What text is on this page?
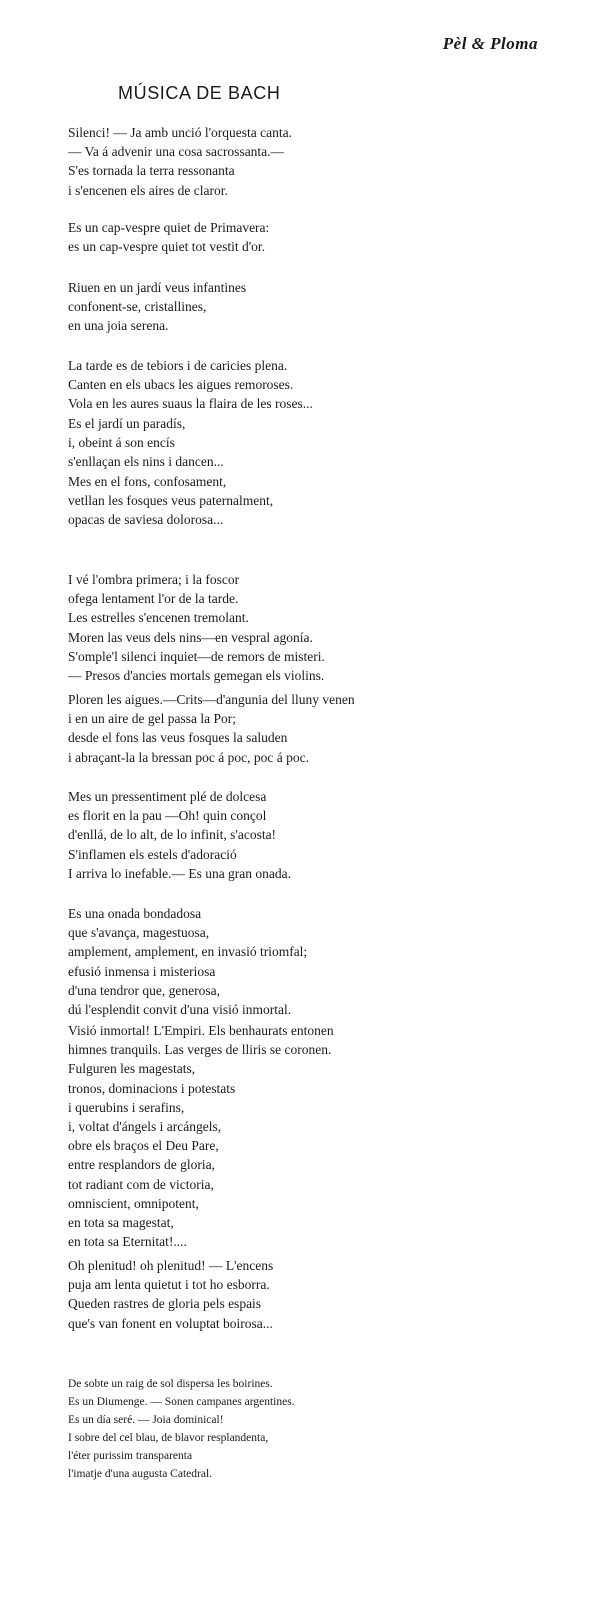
Pèl & Ploma
MÚSICA DE BACH
Silenci! — Ja amb unció l'orquesta canta.
— Va á advenir una cosa sacrossanta.—
S'es tornada la terra ressonanta
i s'encenen els aires de claror.
Es un cap-vespre quiet de Primavera:
es un cap-vespre quiet tot vestit d'or.
Riuen en un jardí veus infantines
confonent-se, cristallines,
en una joia serena.
La tarde es de tebiors i de caricies plena.
Canten en els ubacs les aigues remoroses.
Vola en les aures suaus la flaira de les roses...
Es el jardí un paradís,
i, obeint á son encís
s'enllaçan els nins i dancen...
Mes en el fons, confosament,
vetllan les fosques veus paternalment,
opacas de saviesa dolorosa...
I vé l'ombra primera; i la foscor
ofega lentament l'or de la tarde.
Les estrelles s'encenen tremolant.
Moren las veus dels nins—en vespral agonía.
S'omple'l silenci inquiet—de remors de misteri.
— Presos d'ancies mortals gemegan els violins.
Ploren les aigues.—Crits—d'angunia del lluny venen
i en un aire de gel passa la Por;
desde el fons las veus fosques la saluden
i abraçant-la la bressan poc á poc, poc á poc.
Mes un pressentiment plé de dolcesa
es florit en la pau —Oh! quin conçol
d'enllá, de lo alt, de lo infinit, s'acosta!
S'inflamen els estels d'adoració
I arriva lo inefable.— Es una gran onada.
Es una onada bondadosa
que s'avança, magestuosa,
amplement, amplement, en invasió triomfal;
efusió inmensa i misteriosa
d'una tendror que, generosa,
dú l'esplendit convit d'una visió inmortal.
Visió inmortal! L'Empiri. Els benhaurats entonen
himnes tranquils. Las verges de lliris se coronen.
Fulguren les magestats,
tronos, dominacions i potestats
i querubins i serafins,
i, voltat d'ángels i arcángels,
obre els braços el Deu Pare,
entre resplandors de gloria,
tot radiant com de victoria,
omniscient, omnipotent,
en tota sa magestat,
en tota sa Eternitat!....
Oh plenitud! oh plenitud! — L'encens
puja am lenta quietut i tot ho esborra.
Queden rastres de gloria pels espais
que's van fonent en voluptat boirosa...
De sobte un raig de sol dispersa les boirines.
Es un Diumenge. — Sonen campanes argentines.
Es un día seré. — Joia dominical!
I sobre del cel blau, de blavor resplandenta,
l'éter purissim transparenta
l'imatje d'una augusta Catedral.
